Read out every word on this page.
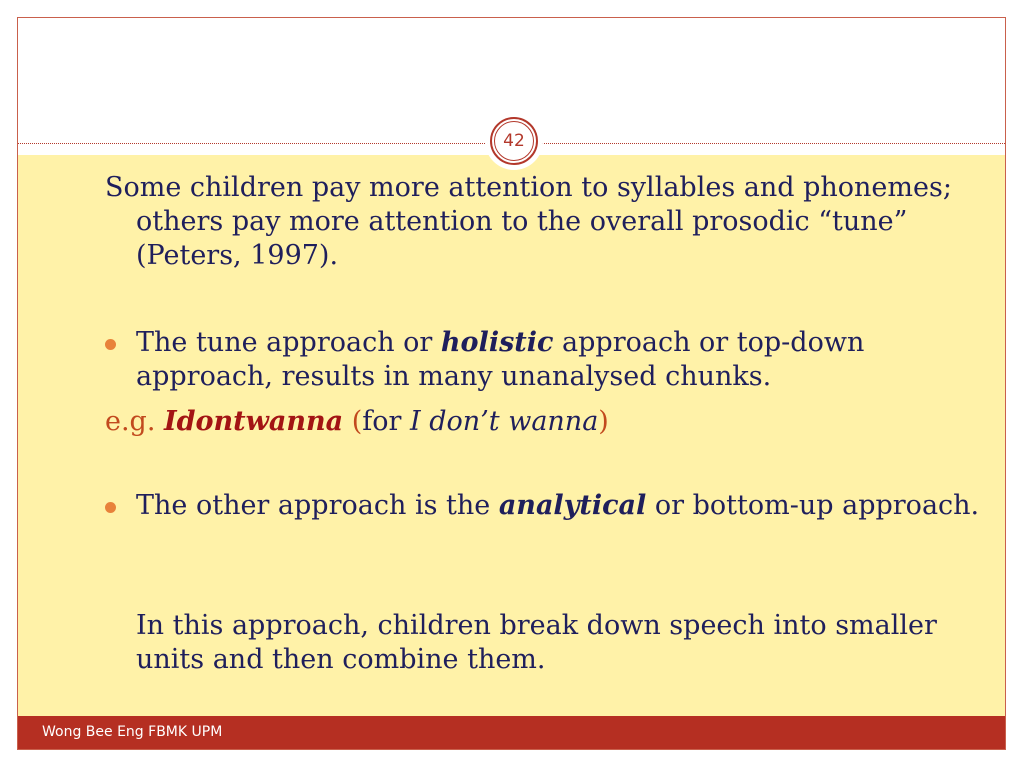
42
Some children pay more attention to syllables and phonemes; others pay more attention to the overall prosodic “tune” (Peters, 1997).
The tune approach or holistic approach or top-down approach, results in many unanalysed chunks.
e.g. Idontwanna (for I don’t wanna)
The other approach is the analytical or bottom-up approach.
In this approach, children break down speech into smaller units and then combine them.
Wong Bee Eng FBMK UPM
